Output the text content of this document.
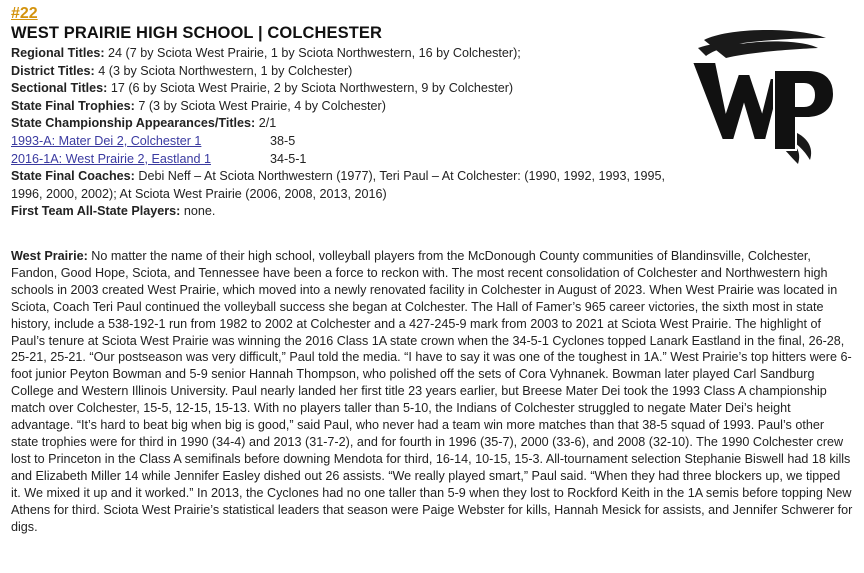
#22
WEST PRAIRIE HIGH SCHOOL | COLCHESTER
Regional Titles: 24 (7 by Sciota West Prairie, 1 by Sciota Northwestern, 16 by Colchester);
District Titles: 4 (3 by Sciota Northwestern, 1 by Colchester)
Sectional Titles: 17 (6 by Sciota West Prairie, 2 by Sciota Northwestern, 9 by Colchester)
State Final Trophies: 7 (3 by Sciota West Prairie, 4 by Colchester)
State Championship Appearances/Titles: 2/1
1993-A: Mater Dei 2, Colchester 1	38-5
2016-1A: West Prairie 2, Eastland 1	34-5-1
State Final Coaches: Debi Neff – At Sciota Northwestern (1977), Teri Paul – At Colchester: (1990, 1992, 1993, 1995, 1996, 2000, 2002); At Sciota West Prairie (2006, 2008, 2013, 2016)
First Team All-State Players: none.
West Prairie: No matter the name of their high school, volleyball players from the McDonough County communities of Blandinsville, Colchester, Fandon, Good Hope, Sciota, and Tennessee have been a force to reckon with. The most recent consolidation of Colchester and Northwestern high schools in 2003 created West Prairie, which moved into a newly renovated facility in Colchester in August of 2023. When West Prairie was located in Sciota, Coach Teri Paul continued the volleyball success she began at Colchester. The Hall of Famer’s 965 career victories, the sixth most in state history, include a 538-192-1 run from 1982 to 2002 at Colchester and a 427-245-9 mark from 2003 to 2021 at Sciota West Prairie. The highlight of Paul’s tenure at Sciota West Prairie was winning the 2016 Class 1A state crown when the 34-5-1 Cyclones topped Lanark Eastland in the final, 26-28, 25-21, 25-21. “Our postseason was very difficult,” Paul told the media. “I have to say it was one of the toughest in 1A.” West Prairie’s top hitters were 6-foot junior Peyton Bowman and 5-9 senior Hannah Thompson, who polished off the sets of Cora Vyhnanek. Bowman later played Carl Sandburg College and Western Illinois University. Paul nearly landed her first title 23 years earlier, but Breese Mater Dei took the 1993 Class A championship match over Colchester, 15-5, 12-15, 15-13. With no players taller than 5-10, the Indians of Colchester struggled to negate Mater Dei’s height advantage. “It’s hard to beat big when big is good,” said Paul, who never had a team win more matches than that 38-5 squad of 1993. Paul’s other state trophies were for third in 1990 (34-4) and 2013 (31-7-2), and for fourth in 1996 (35-7), 2000 (33-6), and 2008 (32-10). The 1990 Colchester crew lost to Princeton in the Class A semifinals before downing Mendota for third, 16-14, 10-15, 15-3. All-tournament selection Stephanie Biswell had 18 kills and Elizabeth Miller 14 while Jennifer Easley dished out 26 assists. “We really played smart,” Paul said. “When they had three blockers up, we tipped it. We mixed it up and it worked.” In 2013, the Cyclones had no one taller than 5-9 when they lost to Rockford Keith in the 1A semis before topping New Athens for third. Sciota West Prairie’s statistical leaders that season were Paige Webster for kills, Hannah Mesick for assists, and Jennifer Schwerer for digs.
